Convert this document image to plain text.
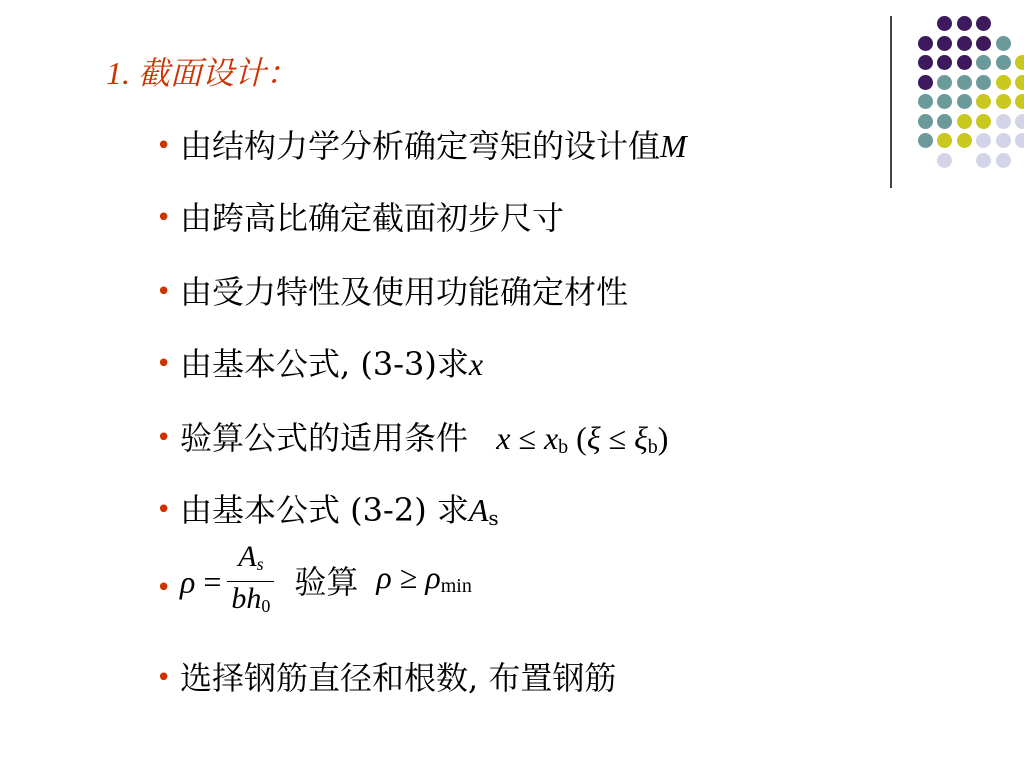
1. 截面设计：
• 由结构力学分析确定弯矩的设计值M
• 由跨高比确定截面初步尺寸
• 由受力特性及使用功能确定材性
• 由基本公式, (3-3)求x
• 验算公式的适用条件 $x \le x_b$ $(\xi \le \xi_b)$
• 由基本公式 (3-2) 求$A_s$
• $\rho = \frac{A_s}{bh_0}$ 验算 $\rho \ge \rho_{min}$
• 选择钢筋直径和根数, 布置钢筋
